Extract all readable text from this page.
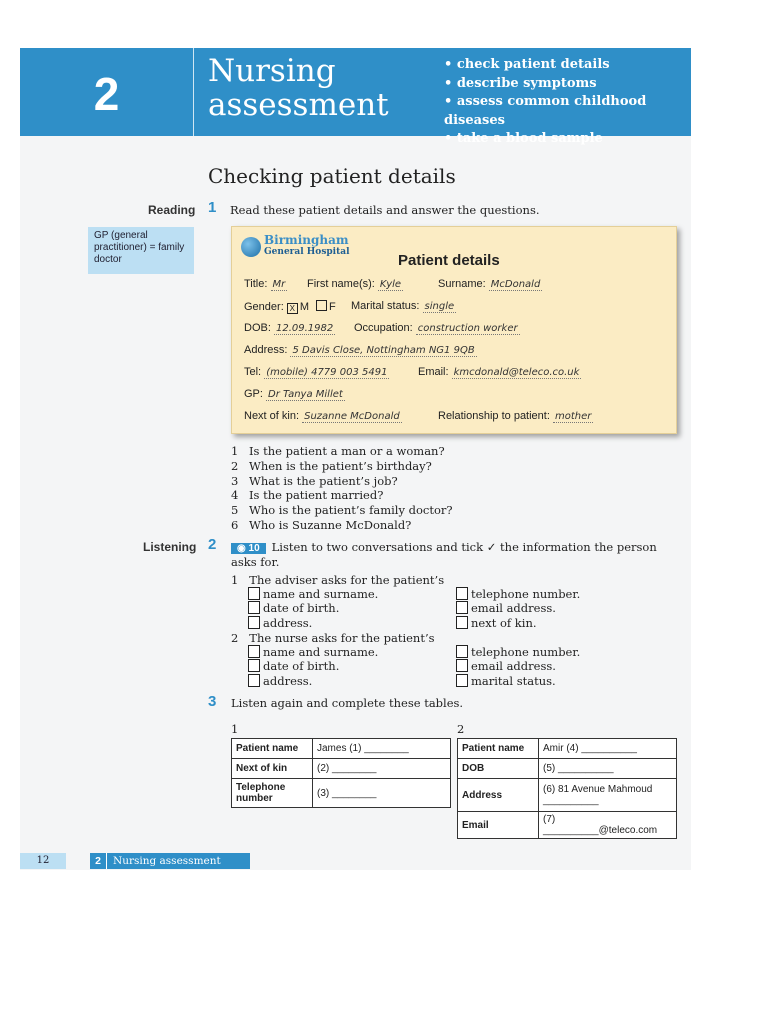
2	Nursing
assessment
• check patient details
• describe symptoms
• assess common childhood diseases
• take a blood sample
Checking patient details
Reading 1 Read these patient details and answer the questions.
GP (general practitioner) = family doctor
Birmingham
General Hospital	Patient details
Title: Mr First name(s): Kyle	Surname: McDonald
Gender: X M F Marital status: single
DOB: 12.09.1982 Occupation: construction worker
Address: 5 Davis Close, Nottingham NG1 9QB
Tel: (mobile) 4779 003 5491	Email: kmcdonald@teleco.co.uk
GP: Dr Tanya Millet
Next of kin: Suzanne McDonald	Relationship to patient: mother
1 Is the patient a man or a woman?
2 When is the patient’s birthday?
3 What is the patient’s job?
4 Is the patient married?
5 Who is the patient’s family doctor?
6 Who is Suzanne McDonald?
Listening 2	◉ 10 Listen to two conversations and tick ✓ the information the person
asks for.
1 The adviser asks for the patient’s
name and surname.
date of birth.
address.
telephone number.
email address.
next of kin.
2 The nurse asks for the patient’s
name and surname.
date of birth.
address.
telephone number.
email address.
marital status.
3 Listen again and complete these tables.
1
Patient name	James (1) ________
Next of kin	(2) ________
Telephone number	(3) ________
2
Patient name	Amir (4) __________
DOB	(5) __________
Address	(6) 81 Avenue Mahmoud __________
Email	(7) __________@teleco.com
12	2 Nursing assessment
